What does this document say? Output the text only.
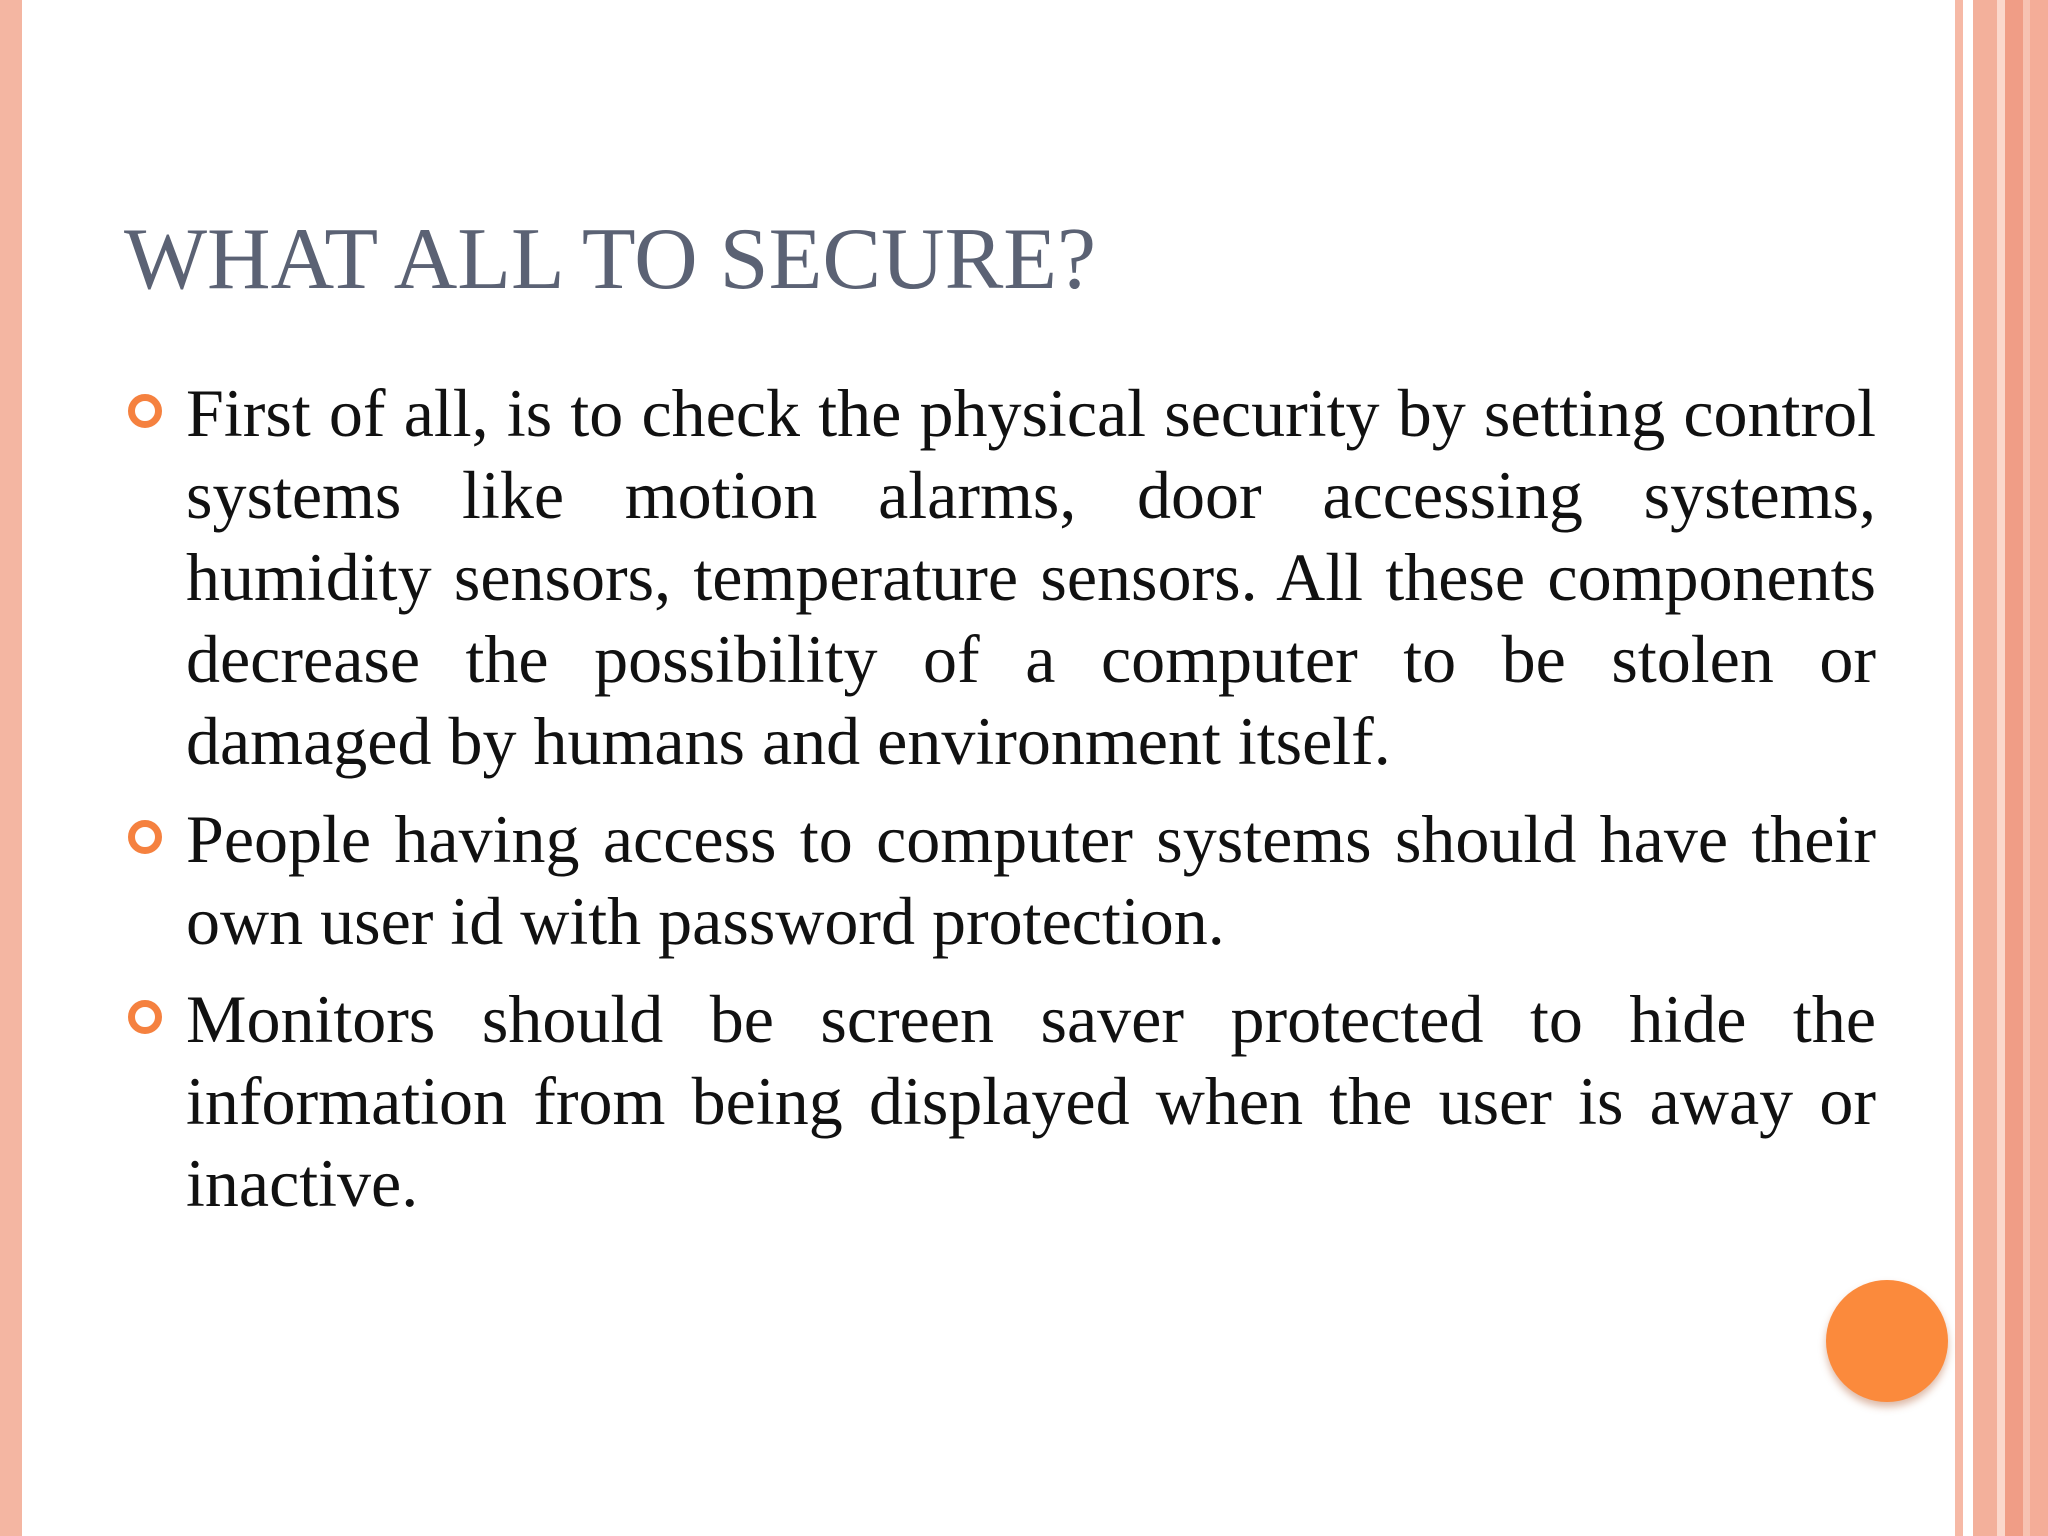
WHAT ALL TO SECURE?
First of all, is to check the physical security by setting control systems like motion alarms, door accessing systems, humidity sensors, temperature sensors. All these components decrease the possibility of a computer to be stolen or damaged by humans and environment itself.
People having access to computer systems should have their own user id with password protection.
Monitors should be screen saver protected to hide the information from being displayed when the user is away or inactive.
